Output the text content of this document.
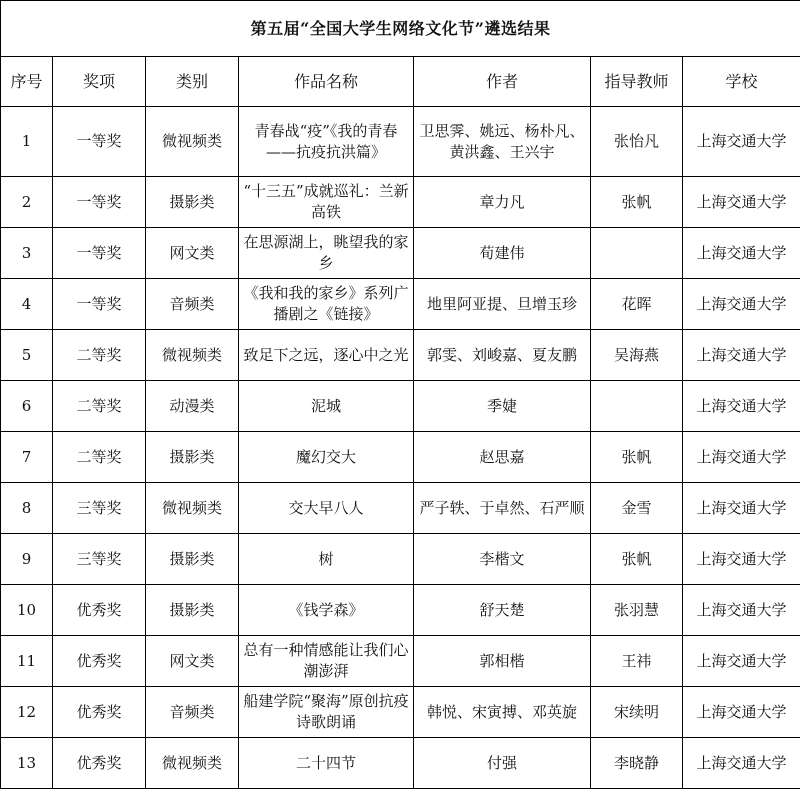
第五届“全国大学生网络文化节”遴选结果						
序号	奖项	类别	作品名称	作者	指导教师	学校
1	一等奖	微视频类	青春战“疫”《我的青春——抗疫抗洪篇》	卫思霁、姚远、杨朴凡、黄洪鑫、王兴宇	张怡凡	上海交通大学
2	一等奖	摄影类	“十三五”成就巡礼：兰新高铁	章力凡	张帆	上海交通大学
3	一等奖	网文类	在思源湖上，眺望我的家乡	荀建伟		上海交通大学
4	一等奖	音频类	《我和我的家乡》系列广播剧之《链接》	地里阿亚提、旦增玉珍	花晖	上海交通大学
5	二等奖	微视频类	致足下之远，逐心中之光	郭雯、刘峻嘉、夏友鹏	吴海燕	上海交通大学
6	二等奖	动漫类	泥城	季婕		上海交通大学
7	二等奖	摄影类	魔幻交大	赵思嘉	张帆	上海交通大学
8	三等奖	微视频类	交大早八人	严子轶、于卓然、石严顺	金雪	上海交通大学
9	三等奖	摄影类	树	李楷文	张帆	上海交通大学
10	优秀奖	摄影类	《钱学森》	舒天楚	张羽慧	上海交通大学
11	优秀奖	网文类	总有一种情感能让我们心潮澎湃	郭相楷	王祎	上海交通大学
12	优秀奖	音频类	船建学院“聚海”原创抗疫诗歌朗诵	韩悦、宋寅搏、邓英旋	宋续明	上海交通大学
13	优秀奖	微视频类	二十四节	付强	李晓静	上海交通大学
